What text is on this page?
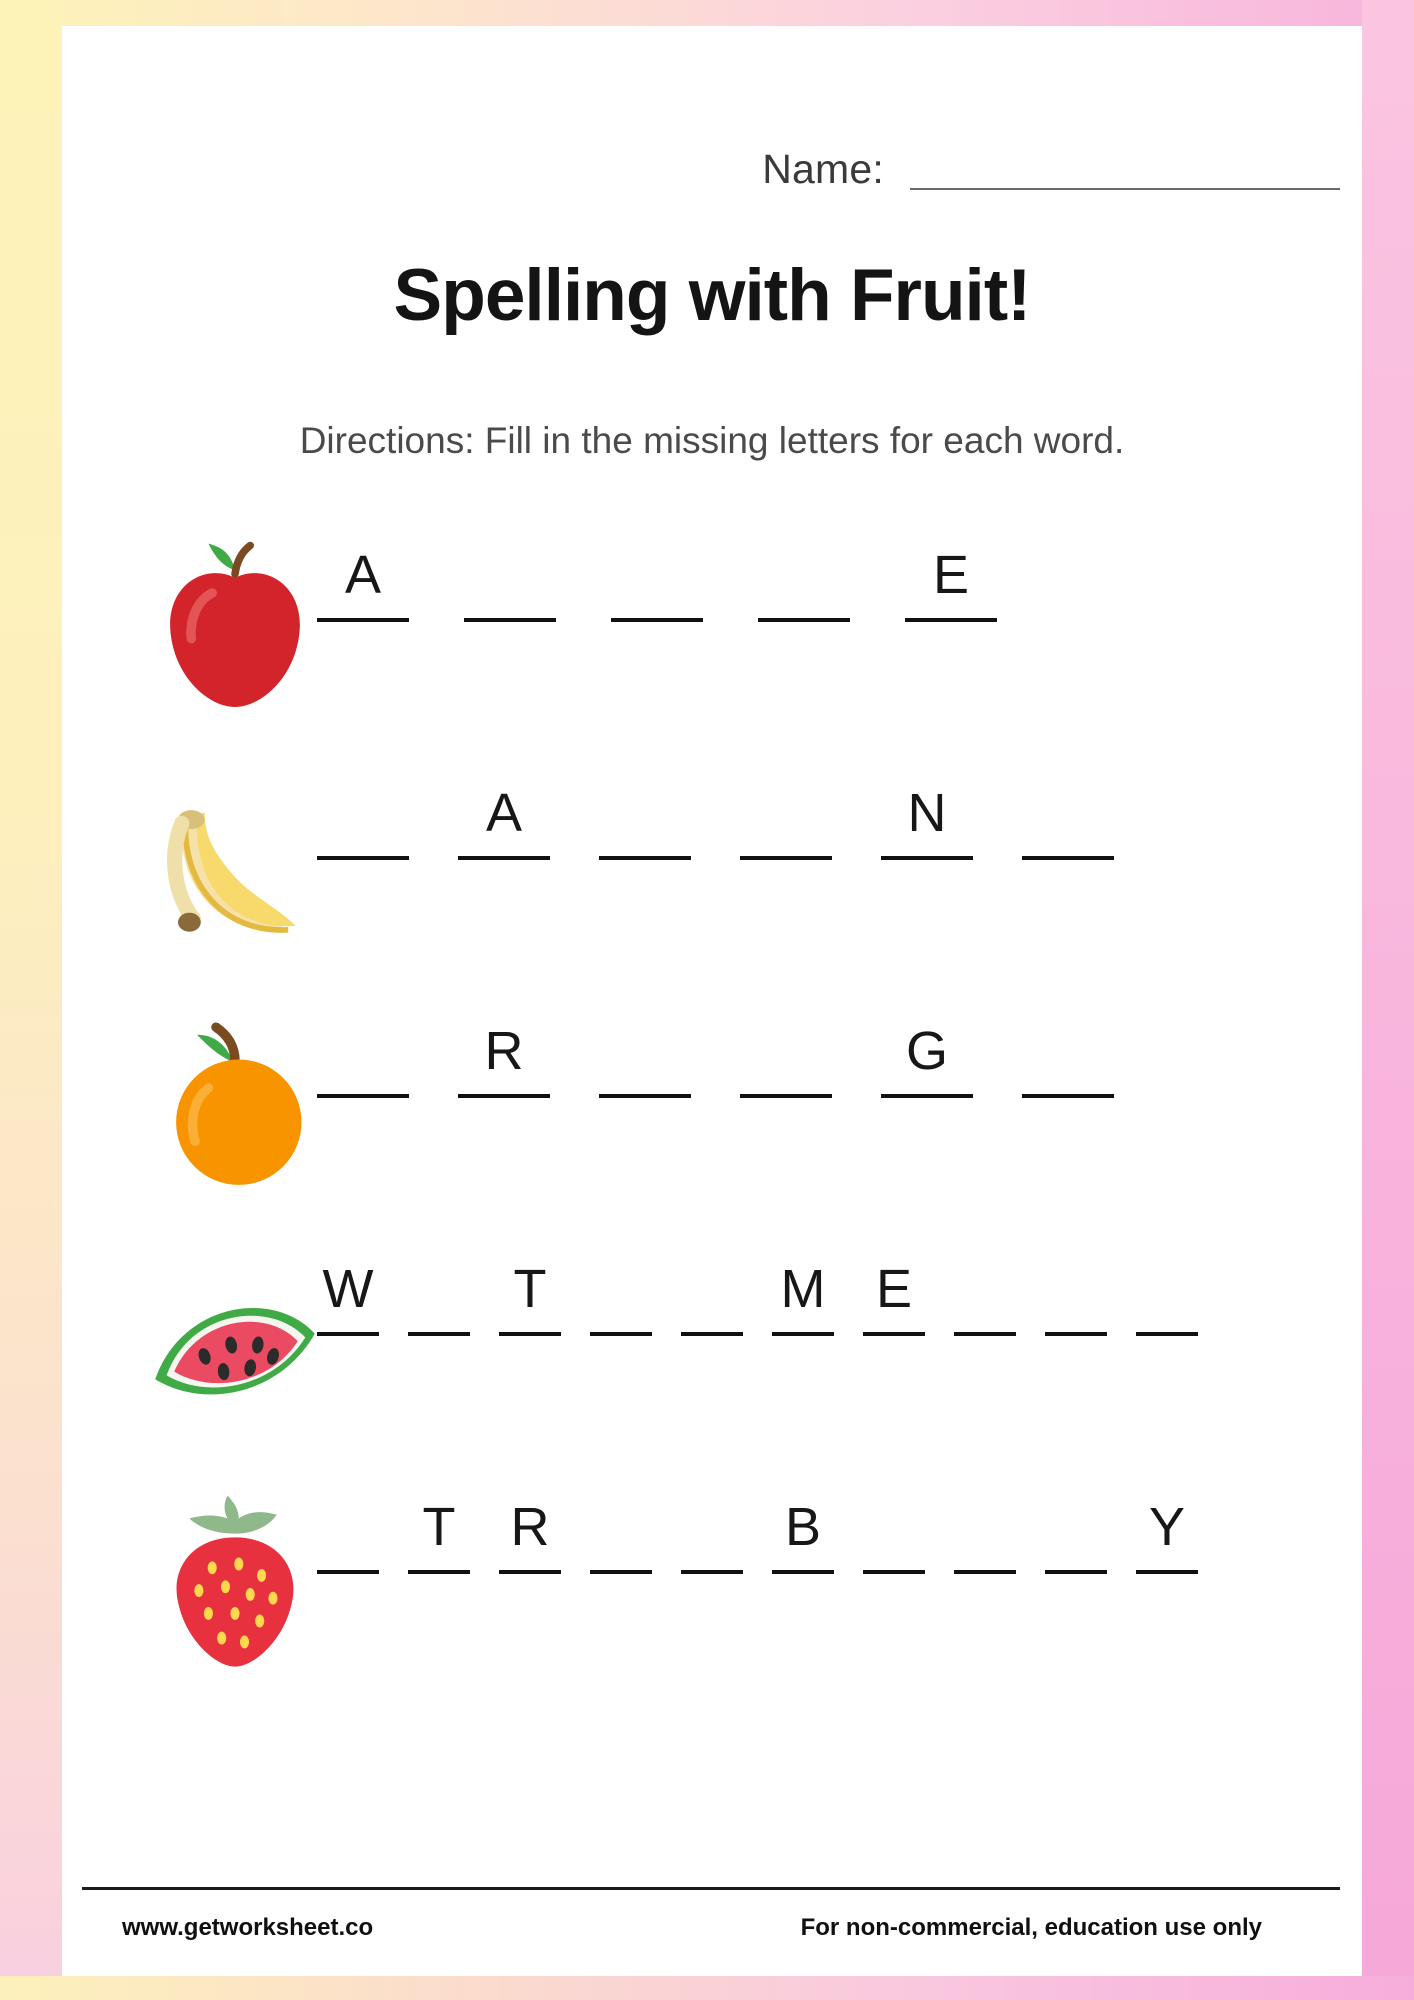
Name:
Spelling with Fruit!
Directions: Fill in the missing letters for each word.
A	E
A	N
R	G
W	T	M E
T R	B	Y
www.getworksheet.co	For non-commercial, education use only
